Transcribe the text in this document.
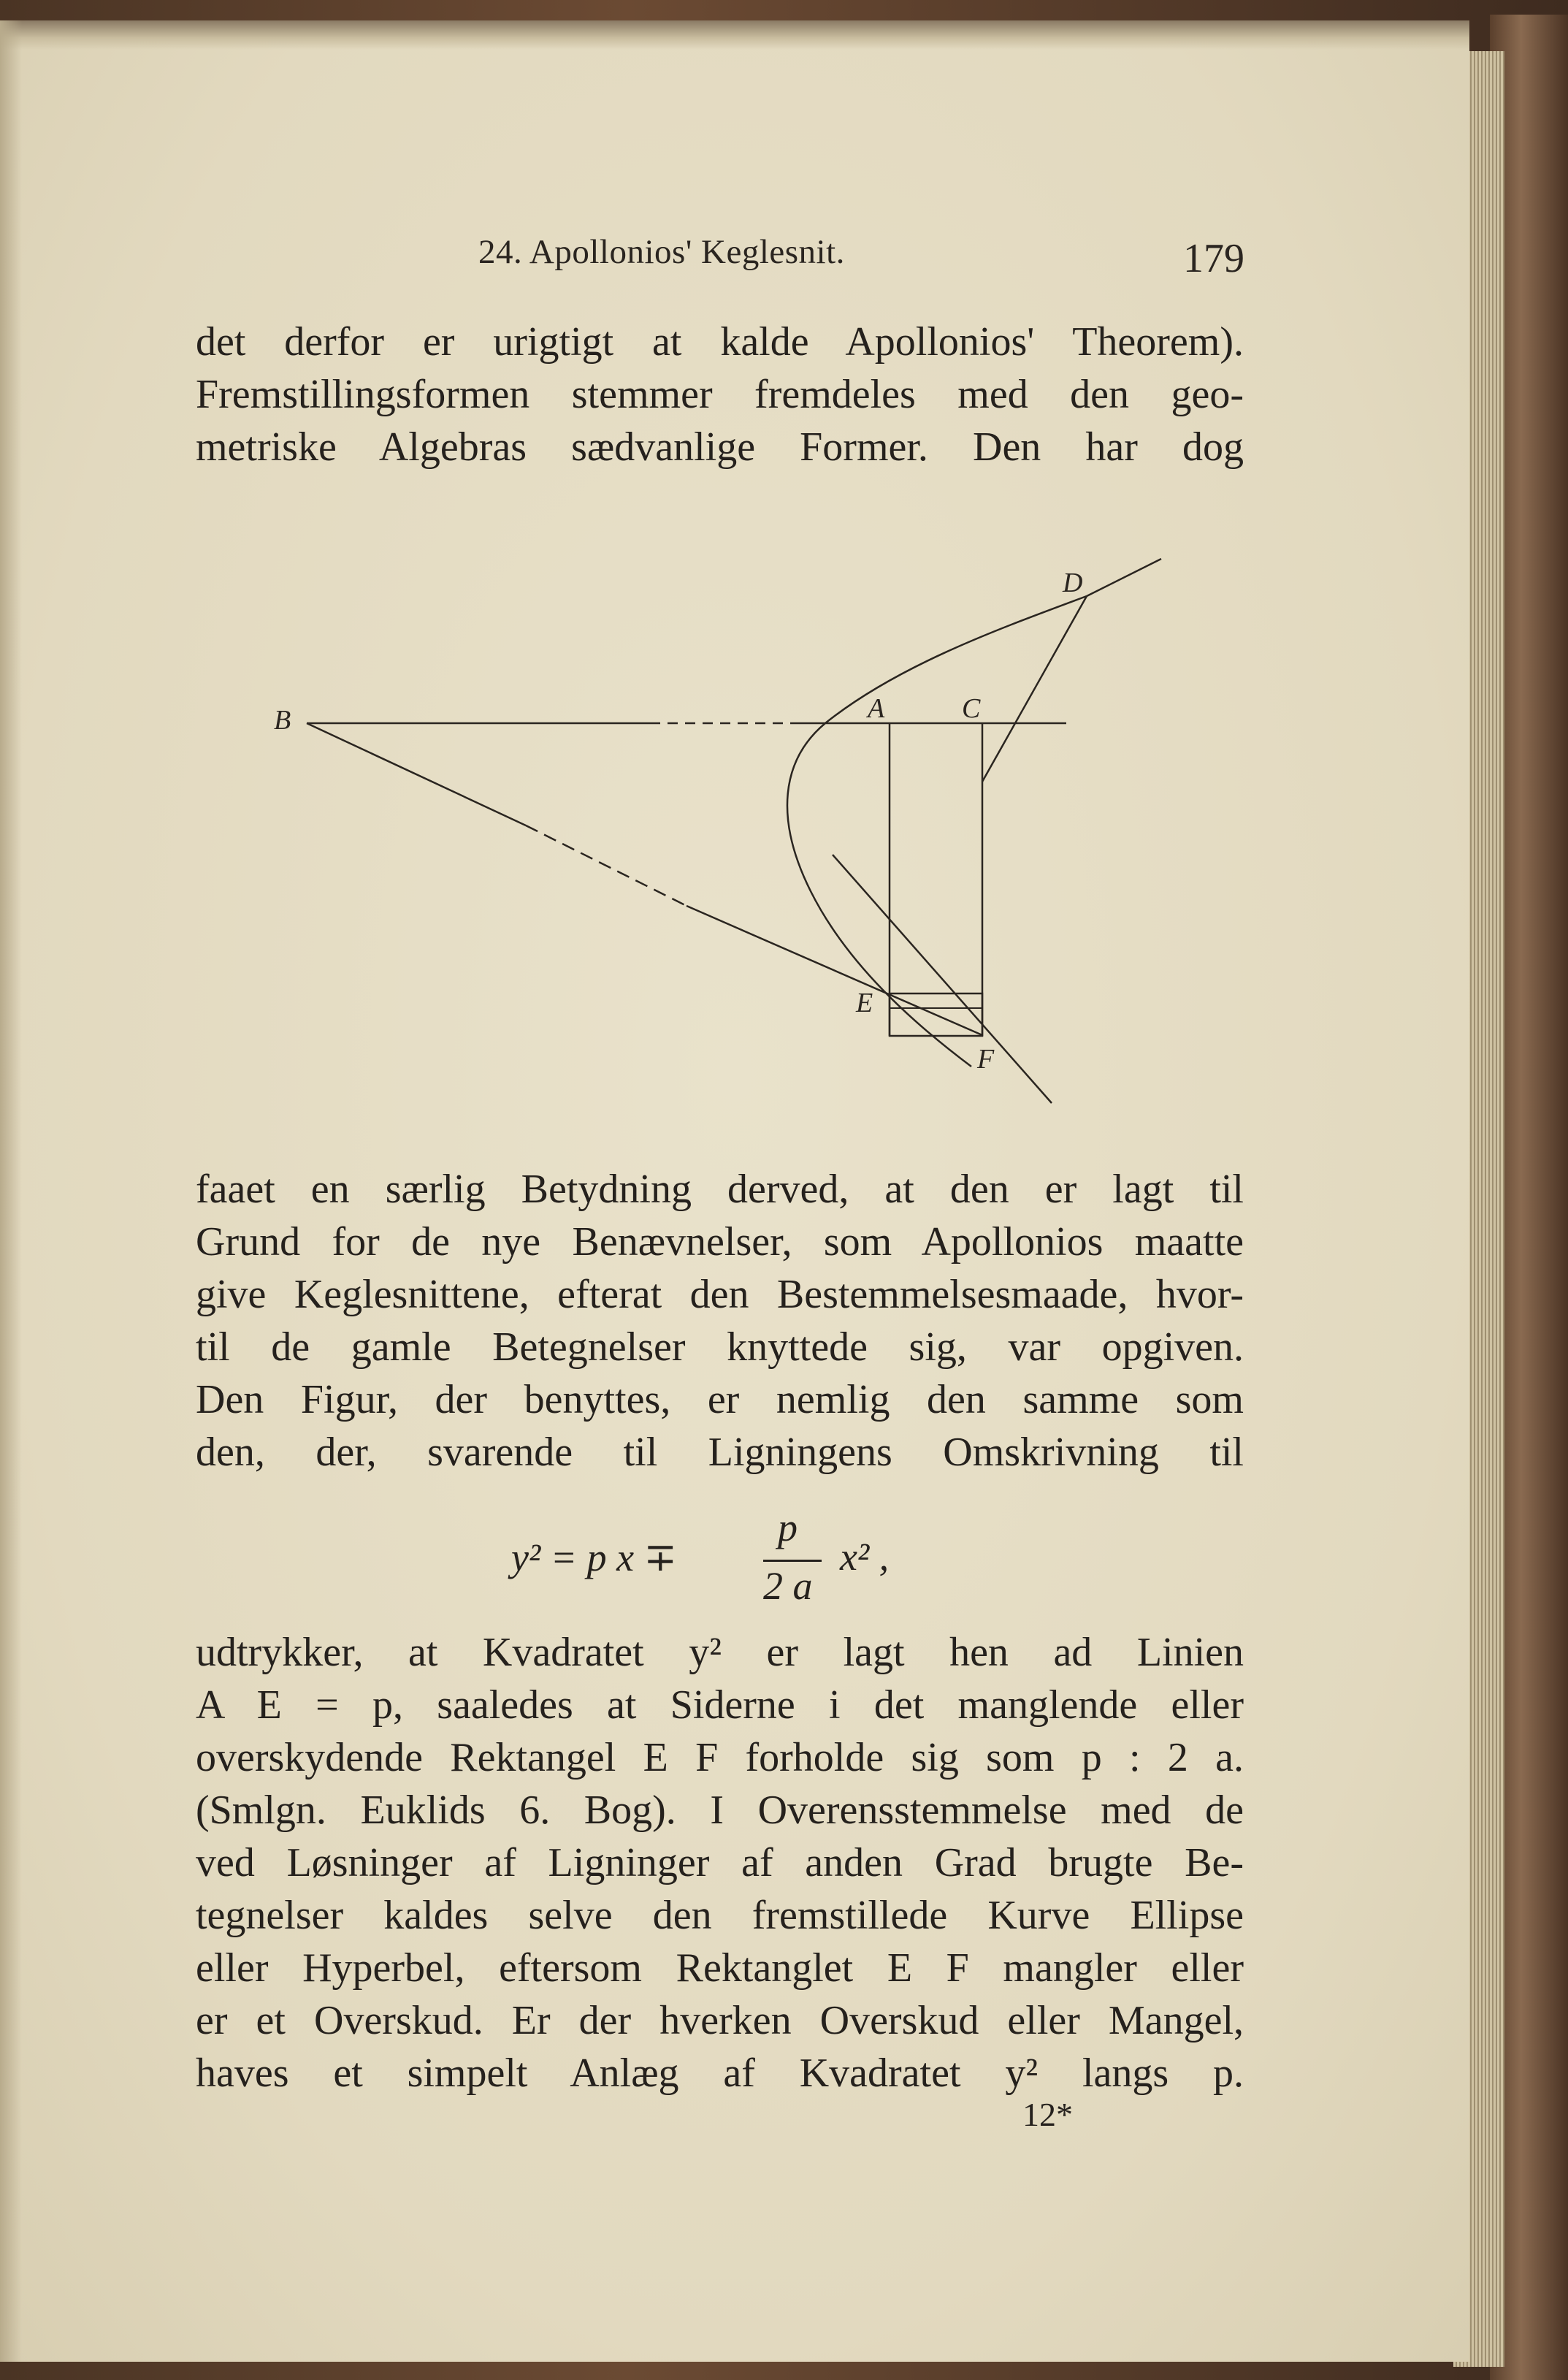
24. Apollonios' Keglesnit.	179
det derfor er urigtigt at kalde Apollonios' Theorem).
Fremstillingsformen stemmer fremdeles med den geo-
metriske Algebras sædvanlige Former. Den har dog
B	A	C
D
E
F
faaet en særlig Betydning derved, at den er lagt til
Grund for de nye Benævnelser, som Apollonios maatte
give Keglesnittene, efterat den Bestemmelsesmaade, hvor-
til de gamle Betegnelser knyttede sig, var opgiven.
Den Figur, der benyttes, er nemlig den samme som
den, der, svarende til Ligningens Omskrivning til
y² = p x ∓
p
2 a
x² ,
udtrykker, at Kvadratet y² er lagt hen ad Linien
A E = p, saaledes at Siderne i det manglende eller
overskydende Rektangel E F forholde sig som p : 2 a.
(Smlgn. Euklids 6. Bog). I Overensstemmelse med de
ved Løsninger af Ligninger af anden Grad brugte Be-
tegnelser kaldes selve den fremstillede Kurve Ellipse
eller Hyperbel, eftersom Rektanglet E F mangler eller
er et Overskud. Er der hverken Overskud eller Mangel,
haves et simpelt Anlæg af Kvadratet y² langs p.
12*
